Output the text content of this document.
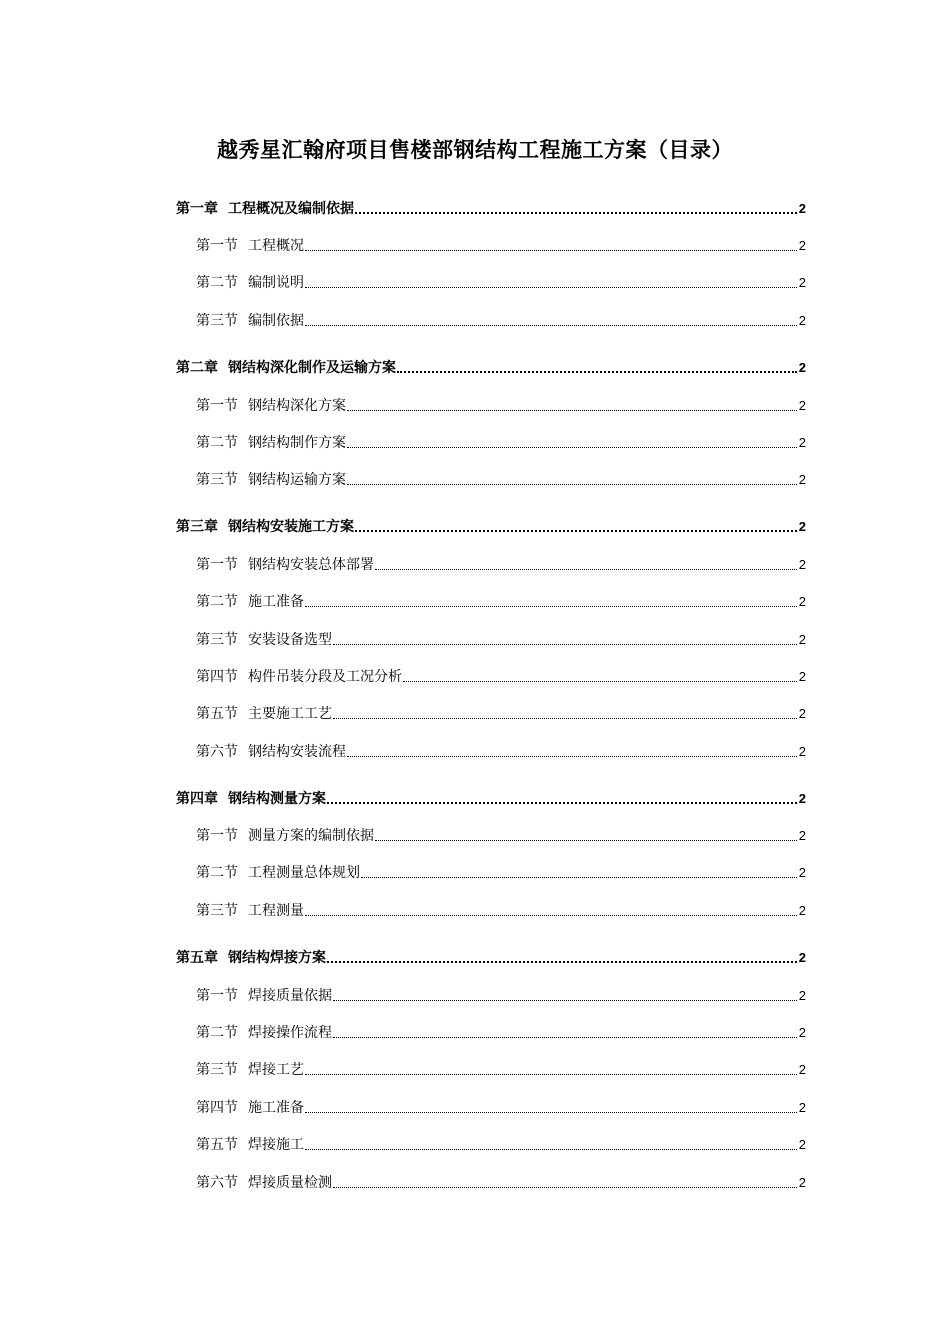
越秀星汇翰府项目售楼部钢结构工程施工方案（目录）
第一章 工程概况及编制依据	2
第一节 工程概况	2
第二节 编制说明	2
第三节 编制依据	2
第二章 钢结构深化制作及运输方案	2
第一节 钢结构深化方案	2
第二节 钢结构制作方案	2
第三节 钢结构运输方案	2
第三章 钢结构安装施工方案	2
第一节 钢结构安装总体部署	2
第二节 施工准备	2
第三节 安装设备选型	2
第四节 构件吊装分段及工况分析	2
第五节 主要施工工艺	2
第六节 钢结构安装流程	2
第四章 钢结构测量方案	2
第一节 测量方案的编制依据	2
第二节 工程测量总体规划	2
第三节 工程测量	2
第五章 钢结构焊接方案	2
第一节 焊接质量依据	2
第二节 焊接操作流程	2
第三节 焊接工艺	2
第四节 施工准备	2
第五节 焊接施工	2
第六节 焊接质量检测	2
